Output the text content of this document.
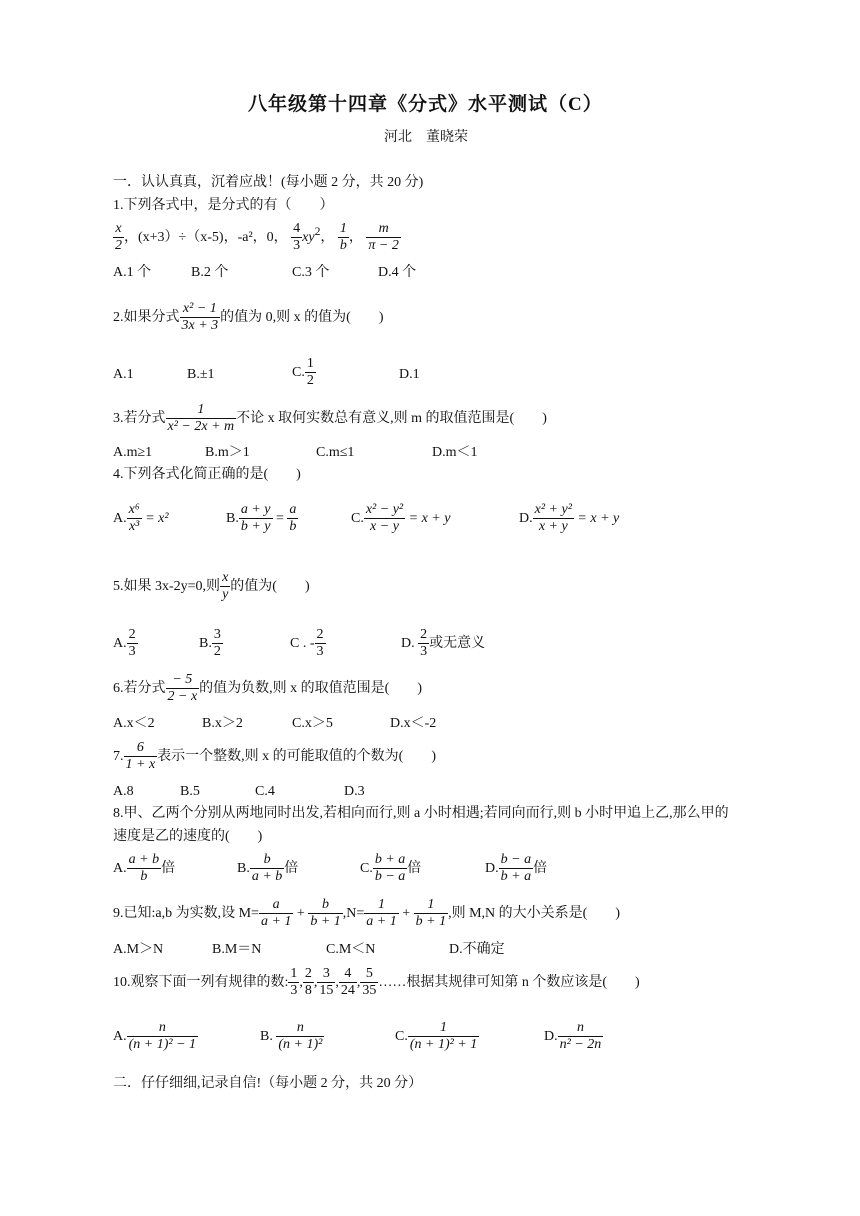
八年级第十四章《分式》水平测试（C）
河北　董晓荣
一．认认真真，沉着应战！(每小题 2 分，共 20 分)
1.下列各式中，是分式的有（　　）
$\frac{x}{2}$ ，(x+3）÷（x-5)，-a²，0， $\frac{4}{3} xy^2$， $\frac{1}{b}$ ， $\frac{m}{\pi - 2}$
A.1 个	B.2 个	C.3 个	D.4 个
2.如果分式 $\frac{\text{x² − 1}}{3x + 3}$ 的值为 0,则 x 的值为(　　)
A.1	B.±1	C. $\frac{1}{2}$	D.1
3.若分式 $\frac{1}{\text{x² − 2x + m}}$ 不论 x 取何实数总有意义,则 m 的取值范围是(　　)
A.m≥1	B.m＞1	C.m≤1	D.m＜1
4.下列各式化简正确的是(　　)
A. $\frac{\text{x⁶}}{\text{x³}} = x^2$	B. $\frac{a + y}{b + y} = \frac{a}{b}$	C. $\frac{\text{x² − y²}}{x - y} = x + y$	D. $\frac{\text{x² + y²}}{x + y} = x + y$
5.如果 3x-2y=0,则 $\frac{x}{y}$ 的值为(　　)
A. $\frac{2}{3}$	B. $\frac{3}{2}$	C . - $\frac{2}{3}$	D. $\frac{2}{3}$ 或无意义
6.若分式 $\frac{- 5}{2 - x}$ 的值为负数,则 x 的取值范围是(　　)
A.x＜2	B.x＞2	C.x＞5	D.x＜-2
7. $\frac{6}{1 + x}$ 表示一个整数,则 x 的可能取值的个数为(　　)
A.8	B.5	C.4	D.3
8.甲、乙两个分别从两地同时出发,若相向而行,则 a 小时相遇;若同向而行,则 b 小时甲追上乙,那么甲的
速度是乙的速度的(　　)
A. $\frac{a + b}{b}$ 倍	B. $\frac{b}{a + b}$ 倍	C. $\frac{b + a}{b - a}$ 倍	D. $\frac{b - a}{b + a}$ 倍
9.已知:a,b 为实数,设 $M= \frac{a}{a + 1} + \frac{b}{b + 1} ,N= \frac{1}{a + 1} + \frac{1}{b + 1}$ ,则 M,N 的大小关系是(　　)
A.M＞N	B.M＝N	C.M＜N	D.不确定
10.观察下面一列有规律的数: $\frac{1}{3}$ , $\frac{2}{8}$ , $\frac{3}{15}$ , $\frac{4}{24}$ , $\frac{5}{35}$ ……根据其规律可知第 n 个数应该是(　　)
A. $\frac{n}{\text{(n + 1)² − 1}}$	B. $\frac{n}{\text{(n + 1)²}}$	C. $\frac{1}{\text{(n + 1)² + 1}}$	D. $\frac{n}{\text{n² − 2n}}$
二．仔仔细细,记录自信!（每小题 2 分，共 20 分）
